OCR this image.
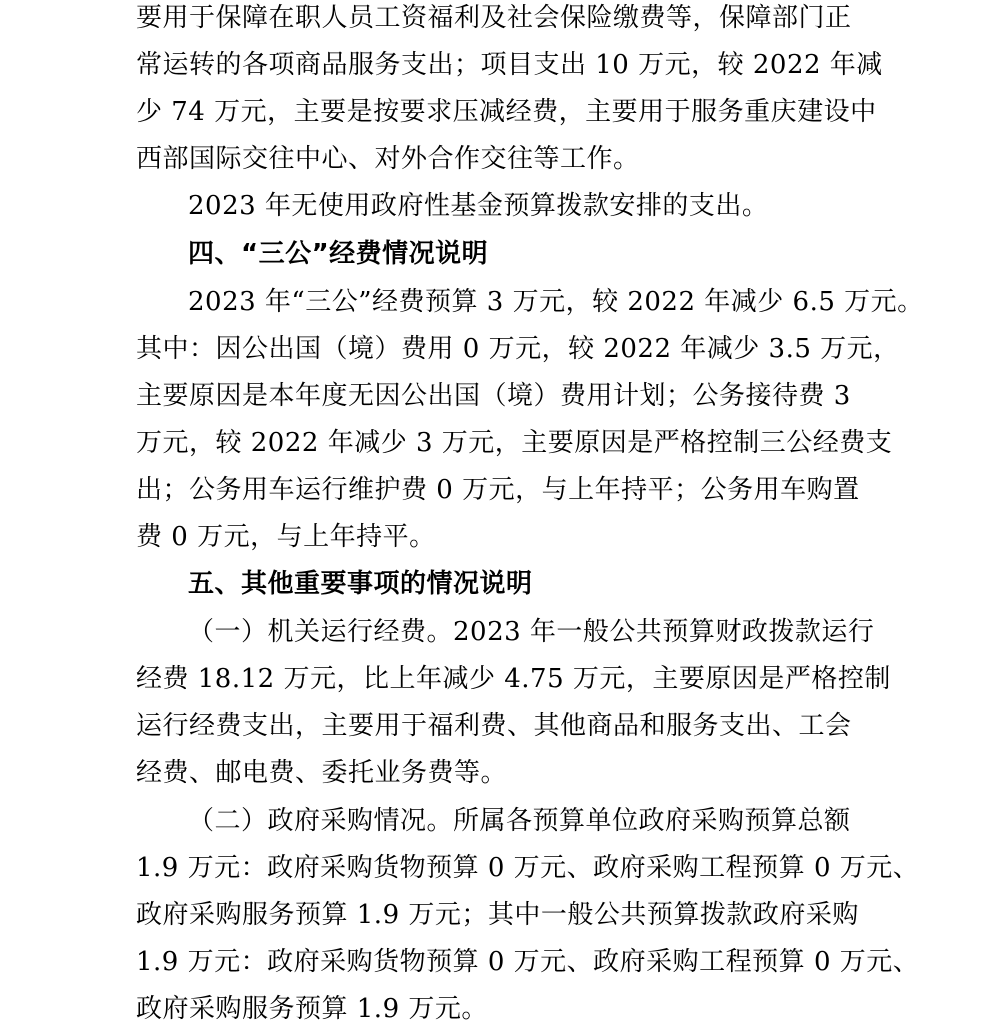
要用于保障在职人员工资福利及社会保险缴费等，保障部门正
常运转的各项商品服务支出；项目支出 10 万元，较 2022 年减
少 74 万元，主要是按要求压减经费，主要用于服务重庆建设中
西部国际交往中心、对外合作交往等工作。
2023 年无使用政府性基金预算拨款安排的支出。
四、“三公”经费情况说明
2023 年“三公”经费预算 3 万元，较 2022 年减少 6.5 万元。
其中：因公出国（境）费用 0 万元，较 2022 年减少 3.5 万元，
主要原因是本年度无因公出国（境）费用计划；公务接待费 3
万元，较 2022 年减少 3 万元，主要原因是严格控制三公经费支
出；公务用车运行维护费 0 万元，与上年持平；公务用车购置
费 0 万元，与上年持平。
五、其他重要事项的情况说明
（一）机关运行经费。2023 年一般公共预算财政拨款运行
经费 18.12 万元，比上年减少 4.75 万元，主要原因是严格控制
运行经费支出，主要用于福利费、其他商品和服务支出、工会
经费、邮电费、委托业务费等。
（二）政府采购情况。所属各预算单位政府采购预算总额
1.9 万元：政府采购货物预算 0 万元、政府采购工程预算 0 万元、
政府采购服务预算 1.9 万元；其中一般公共预算拨款政府采购
1.9 万元：政府采购货物预算 0 万元、政府采购工程预算 0 万元、
政府采购服务预算 1.9 万元。
